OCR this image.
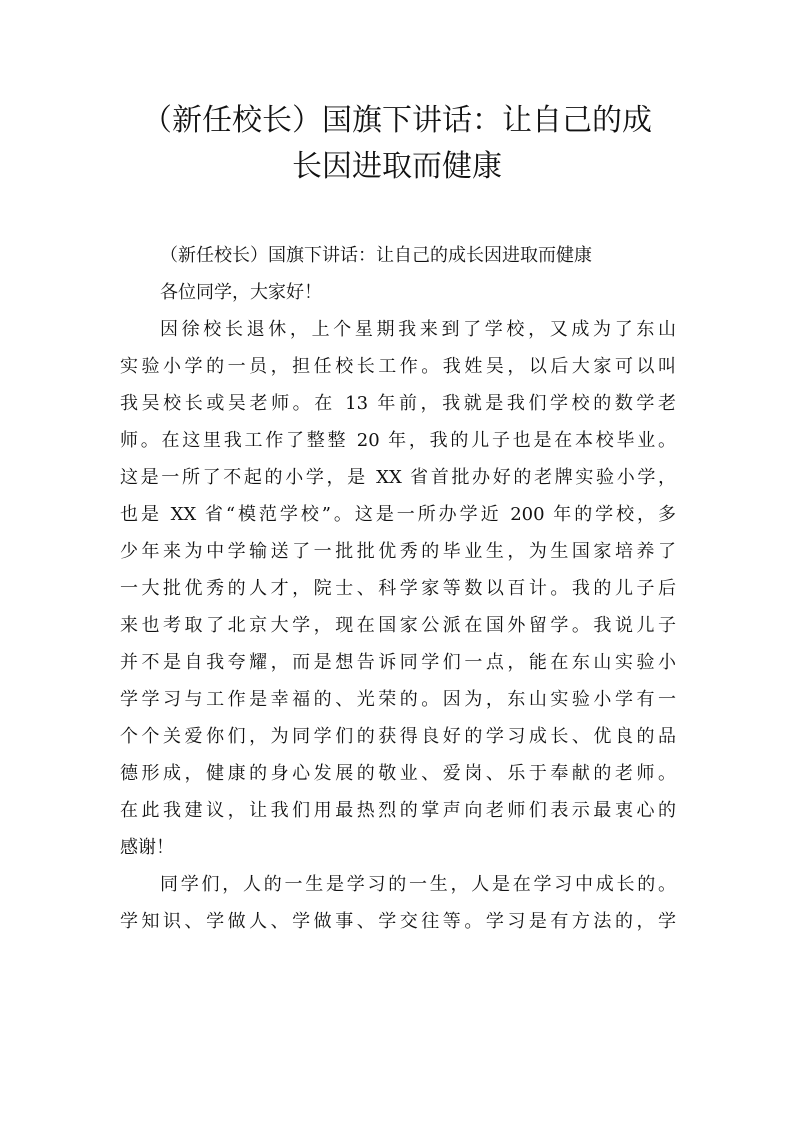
（新任校长）国旗下讲话：让自己的成
长因进取而健康

（新任校长）国旗下讲话：让自己的成长因进取而健康

各位同学，大家好！

因徐校长退休，上个星期我来到了学校，又成为了东山
实验小学的一员，担任校长工作。我姓吴，以后大家可以叫
我吴校长或吴老师。在 13 年前，我就是我们学校的数学老
师。在这里我工作了整整 20 年，我的儿子也是在本校毕业。
这是一所了不起的小学，是 XX 省首批办好的老牌实验小学，
也是 XX 省“模范学校”。这是一所办学近 200 年的学校，多
少年来为中学输送了一批批优秀的毕业生，为生国家培养了
一大批优秀的人才，院士、科学家等数以百计。我的儿子后
来也考取了北京大学，现在国家公派在国外留学。我说儿子
并不是自我夸耀，而是想告诉同学们一点，能在东山实验小
学学习与工作是幸福的、光荣的。因为，东山实验小学有一
个个关爱你们，为同学们的获得良好的学习成长、优良的品
德形成，健康的身心发展的敬业、爱岗、乐于奉献的老师。
在此我建议，让我们用最热烈的掌声向老师们表示最衷心的
感谢！

同学们，人的一生是学习的一生，人是在学习中成长的。
学知识、学做人、学做事、学交往等。学习是有方法的，学
